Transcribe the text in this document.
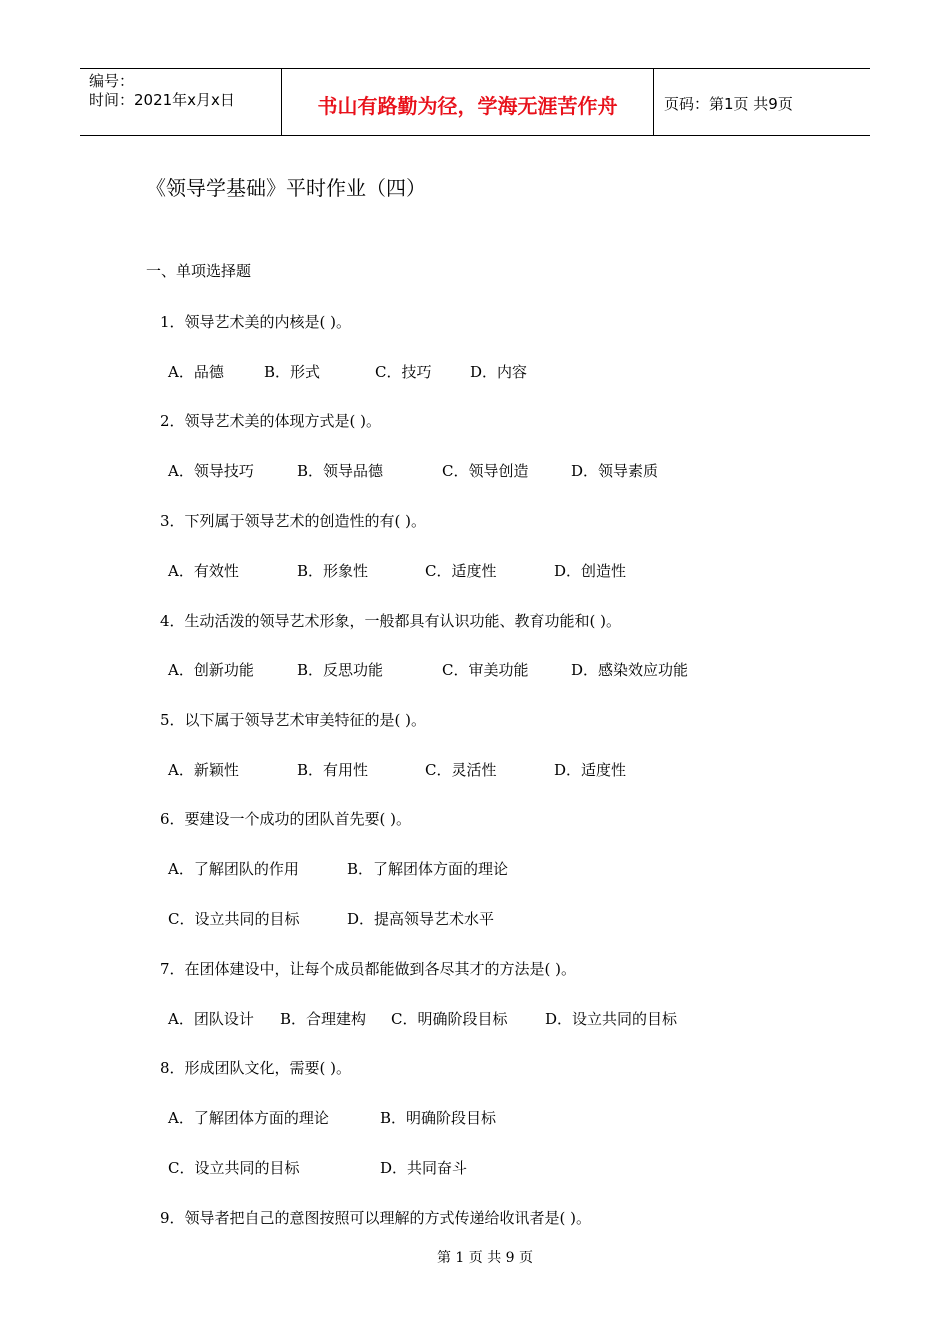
编号：
时间：2021年x月x日	书山有路勤为径，学海无涯苦作舟	页码：第1页 共9页
《领导学基础》平时作业（四）
一、单项选择题
1．领导艺术美的内核是( )。
A．品德	B．形式	C．技巧	D．内容
2．领导艺术美的体现方式是( )。
A．领导技巧	B．领导品德	C．领导创造	D．领导素质
3．下列属于领导艺术的创造性的有( )。
A．有效性	B．形象性	C．适度性	D．创造性
4．生动活泼的领导艺术形象，一般都具有认识功能、教育功能和( )。
A．创新功能	B．反思功能	C．审美功能	D．感染效应功能
5．以下属于领导艺术审美特征的是( )。
A．新颖性	B．有用性	C．灵活性	D．适度性
6．要建设一个成功的团队首先要( )。
A．了解团队的作用	B．了解团体方面的理论
C．设立共同的目标	D．提高领导艺术水平
7．在团体建设中，让每个成员都能做到各尽其才的方法是( )。
A．团队设计 B．合理建构 C．明确阶段目标	D．设立共同的目标
8．形成团队文化，需要( )。
A．了解团体方面的理论	B．明确阶段目标
C．设立共同的目标	D．共同奋斗
9．领导者把自己的意图按照可以理解的方式传递给收讯者是( )。
第 1 页 共 9 页
